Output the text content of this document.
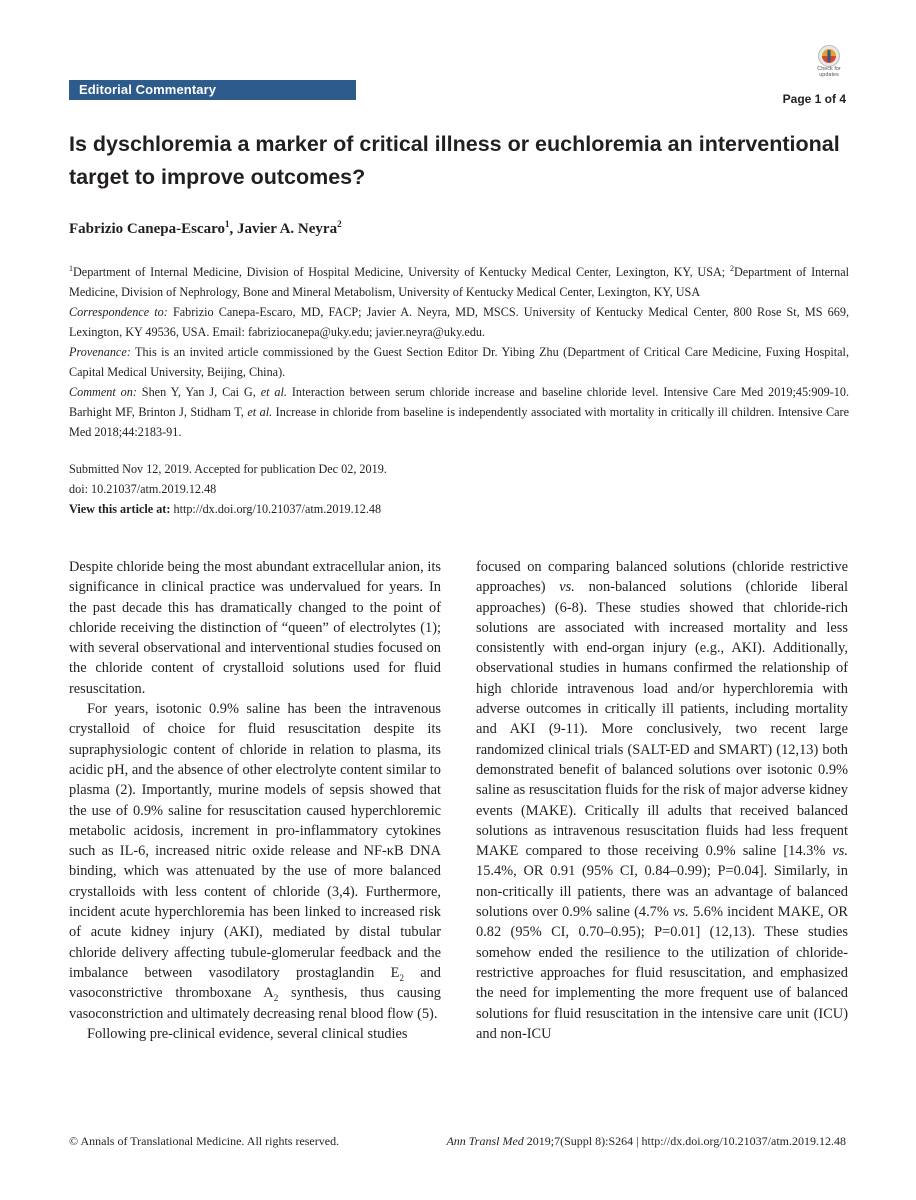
Editorial Commentary
Check for
updates
Page 1 of 4
Is dyschloremia a marker of critical illness or euchloremia an interventional target to improve outcomes?
Fabrizio Canepa-Escaro$^1$, Javier A. Neyra$^2$

$^1$Department of Internal Medicine, Division of Hospital Medicine, University of Kentucky Medical Center, Lexington, KY, USA; $^2$Department of Internal Medicine, Division of Nephrology, Bone and Mineral Metabolism, University of Kentucky Medical Center, Lexington, KY, USA

Correspondence to: Fabrizio Canepa-Escaro, MD, FACP; Javier A. Neyra, MD, MSCS. University of Kentucky Medical Center, 800 Rose St, MS 669, Lexington, KY 49536, USA. Email: fabriziocanepa@uky.edu; javier.neyra@uky.edu.

Provenance: This is an invited article commissioned by the Guest Section Editor Dr. Yibing Zhu (Department of Critical Care Medicine, Fuxing Hospital, Capital Medical University, Beijing, China).

Comment on: Shen Y, Yan J, Cai G, et al. Interaction between serum chloride increase and baseline chloride level. Intensive Care Med 2019;45:909-10. Barhight MF, Brinton J, Stidham T, et al. Increase in chloride from baseline is independently associated with mortality in critically ill children. Intensive Care Med 2018;44:2183-91.

Submitted Nov 12, 2019. Accepted for publication Dec 02, 2019.

doi: 10.21037/atm.2019.12.48

View this article at: http://dx.doi.org/10.21037/atm.2019.12.48

Despite chloride being the most abundant extracellular anion, its significance in clinical practice was undervalued for years. In the past decade this has dramatically changed to the point of chloride receiving the distinction of “queen” of electrolytes (1); with several observational and interventional studies focused on the chloride content of crystalloid solutions used for fluid resuscitation.

For years, isotonic 0.9% saline has been the intravenous crystalloid of choice for fluid resuscitation despite its supraphysiologic content of chloride in relation to plasma, its acidic pH, and the absence of other electrolyte content similar to plasma (2). Importantly, murine models of sepsis showed that the use of 0.9% saline for resuscitation caused hyperchloremic metabolic acidosis, increment in pro-inflammatory cytokines such as IL-6, increased nitric oxide release and NF-κB DNA binding, which was attenuated by the use of more balanced crystalloids with less content of chloride (3,4). Furthermore, incident acute hyperchloremia has been linked to increased risk of acute kidney injury (AKI), mediated by distal tubular chloride delivery affecting tubule-glomerular feedback and the imbalance between vasodilatory prostaglandin $E_2$ and vasoconstrictive thromboxane $A_2$ synthesis, thus causing vasoconstriction and ultimately decreasing renal blood flow (5).

Following pre-clinical evidence, several clinical studies

focused on comparing balanced solutions (chloride restrictive approaches) vs. non-balanced solutions (chloride liberal approaches) (6-8). These studies showed that chloride-rich solutions are associated with increased mortality and less consistently with end-organ injury (e.g., AKI). Additionally, observational studies in humans confirmed the relationship of high chloride intravenous load and/or hyperchloremia with adverse outcomes in critically ill patients, including mortality and AKI (9-11). More conclusively, two recent large randomized clinical trials (SALT-ED and SMART) (12,13) both demonstrated benefit of balanced solutions over isotonic 0.9% saline as resuscitation fluids for the risk of major adverse kidney events (MAKE). Critically ill adults that received balanced solutions as intravenous resuscitation fluids had less frequent MAKE compared to those receiving 0.9% saline [14.3% vs. 15.4%, OR 0.91 (95% CI, 0.84–0.99); P=0.04]. Similarly, in non-critically ill patients, there was an advantage of balanced solutions over 0.9% saline (4.7% vs. 5.6% incident MAKE, OR 0.82 (95% CI, 0.70–0.95); P=0.01] (12,13). These studies somehow ended the resilience to the utilization of chloride-restrictive approaches for fluid resuscitation, and emphasized the need for implementing the more frequent use of balanced solutions for fluid resuscitation in the intensive care unit (ICU) and non-ICU

© Annals of Translational Medicine. All rights reserved.	Ann Transl Med 2019;7(Suppl 8):S264 | http://dx.doi.org/10.21037/atm.2019.12.48
